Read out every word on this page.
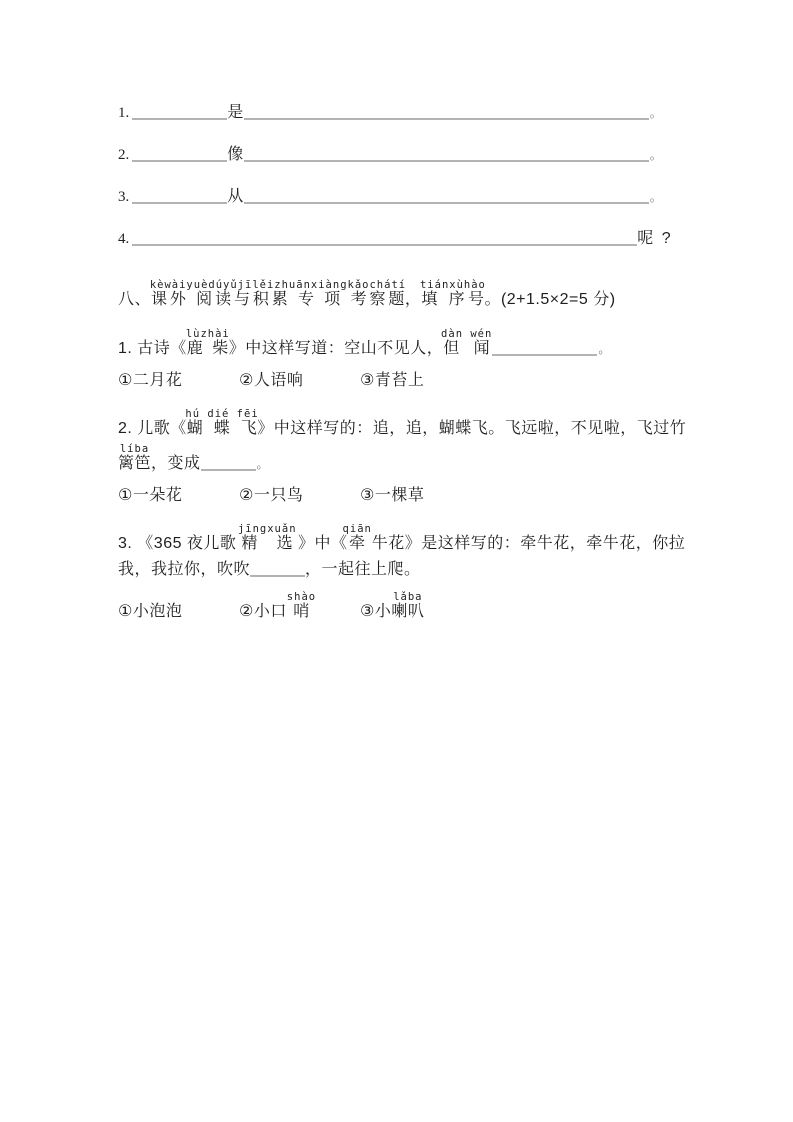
1.	是	。
2.	像	。
3.	从	。
4.	呢 ?
八、课外 阅读与积累 专 项 考察题kèwàiyuèdúyǔjīlěizhuānxiàngkǎochátí，填 序号tiánxùhào。(2+1.5×2=5 分)
1. 古诗《鹿 柴lùzhài》中这样写道：空山不见人，但 闻dàn wén。
①二月花	②人语响	③青苔上
2. 儿歌《蝴 蝶 飞hú dié fēi》中这样写的：追，追，蝴蝶飞。飞远啦，不见啦，飞过竹
篱笆líba，变成	。
①一朵花	②一只鸟	③一棵草
3. 《365 夜儿歌 精 选jīngxuǎn 》中《牵qiān 牛花》是这样写的：牵牛花，牵牛花，你拉
我，我拉你，吹吹	，一起往上爬。
①小泡泡	②小口 哨shào③小喇叭lǎba
